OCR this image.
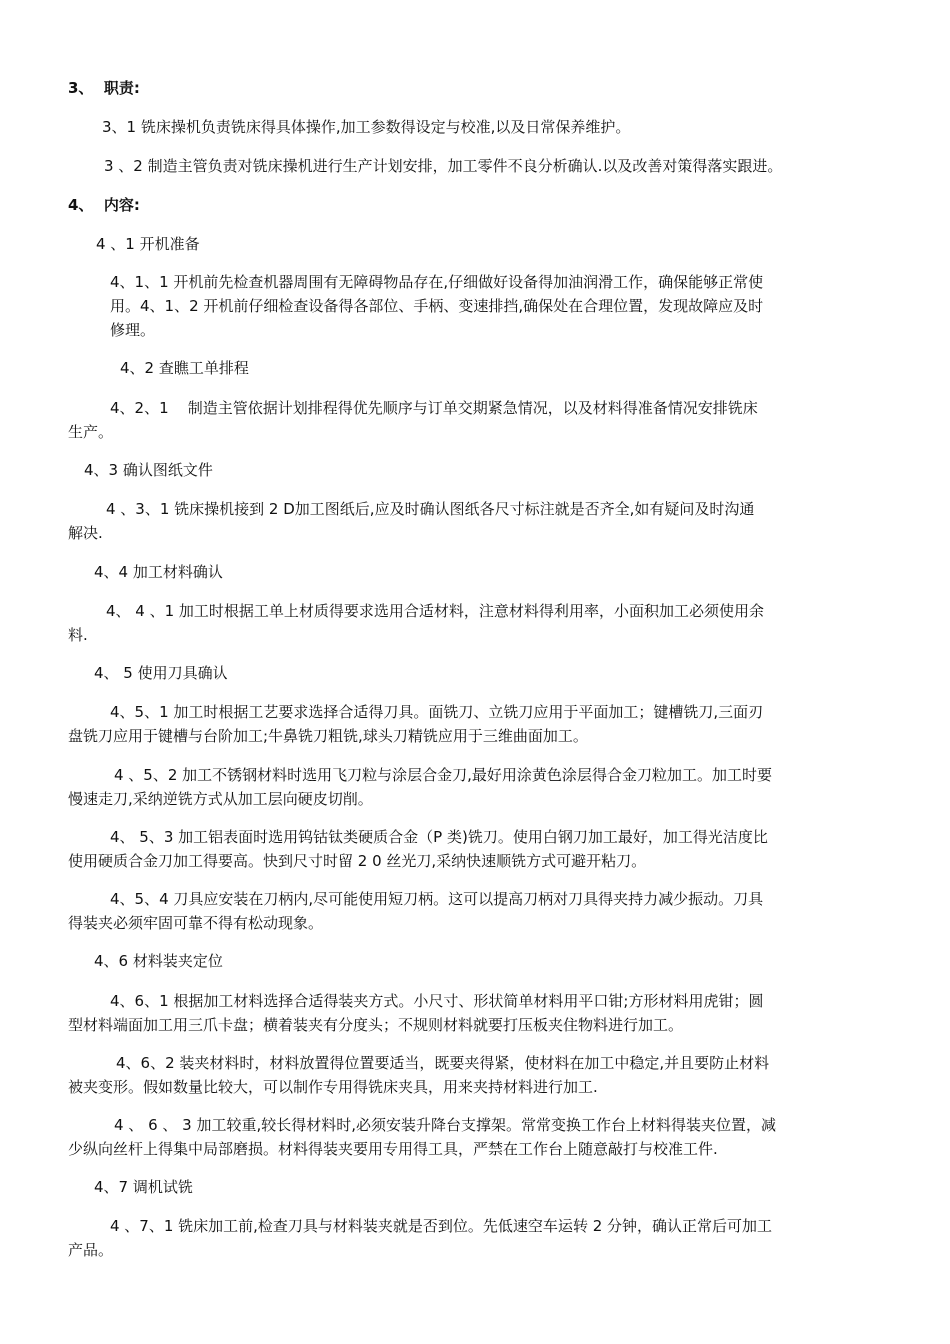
3、  职责:
3、1 铣床操机负责铣床得具体操作,加工参数得设定与校准,以及日常保养维护。
3 、2 制造主管负责对铣床操机进行生产计划安排，加工零件不良分析确认.以及改善对策得落实跟进。
4、  内容:
4 、1 开机准备
4、1、1 开机前先检查机器周围有无障碍物品存在,仔细做好设备得加油润滑工作，确保能够正常使
用。4、1、2 开机前仔细检查设备得各部位、手柄、变速排挡,确保处在合理位置，发现故障应及时
修理。
4、2 查瞧工单排程
4、2、1    制造主管依据计划排程得优先顺序与订单交期紧急情况，以及材料得准备情况安排铣床
生产。
4、3 确认图纸文件
4 、3、1 铣床操机接到 2 D加工图纸后,应及时确认图纸各尺寸标注就是否齐全,如有疑问及时沟通
解决.
4、4 加工材料确认
4、 4 、1 加工时根据工单上材质得要求选用合适材料，注意材料得利用率，小面积加工必须使用余
料.
4、 5 使用刀具确认
4、5、1 加工时根据工艺要求选择合适得刀具。面铣刀、立铣刀应用于平面加工；键槽铣刀,三面刃
盘铣刀应用于键槽与台阶加工;牛鼻铣刀粗铣,球头刀精铣应用于三维曲面加工。
4 、5、2 加工不锈钢材料时选用飞刀粒与涂层合金刀,最好用涂黄色涂层得合金刀粒加工。加工时要
慢速走刀,采纳逆铣方式从加工层向硬皮切削。
4、 5、3 加工铝表面时选用钨钴钛类硬质合金（P 类)铣刀。使用白钢刀加工最好，加工得光洁度比
使用硬质合金刀加工得要高。快到尺寸时留 2 0 丝光刀,采纳快速顺铣方式可避开粘刀。
4、5、4 刀具应安装在刀柄内,尽可能使用短刀柄。这可以提高刀柄对刀具得夹持力减少振动。刀具
得装夹必须牢固可靠不得有松动现象。
4、6 材料装夹定位
4、6、1 根据加工材料选择合适得装夹方式。小尺寸、形状简单材料用平口钳;方形材料用虎钳；圆
型材料端面加工用三爪卡盘；横着装夹有分度头；不规则材料就要打压板夹住物料进行加工。
4、6、2 装夹材料时，材料放置得位置要适当，既要夹得紧，使材料在加工中稳定,并且要防止材料
被夹变形。假如数量比较大，可以制作专用得铣床夹具，用来夹持材料进行加工.
4 、 6 、 3 加工较重,较长得材料时,必须安装升降台支撑架。常常变换工作台上材料得装夹位置，减
少纵向丝杆上得集中局部磨损。材料得装夹要用专用得工具，严禁在工作台上随意敲打与校准工件.
4、7 调机试铣
4 、7、1 铣床加工前,检查刀具与材料装夹就是否到位。先低速空车运转 2 分钟，确认正常后可加工
产品。
